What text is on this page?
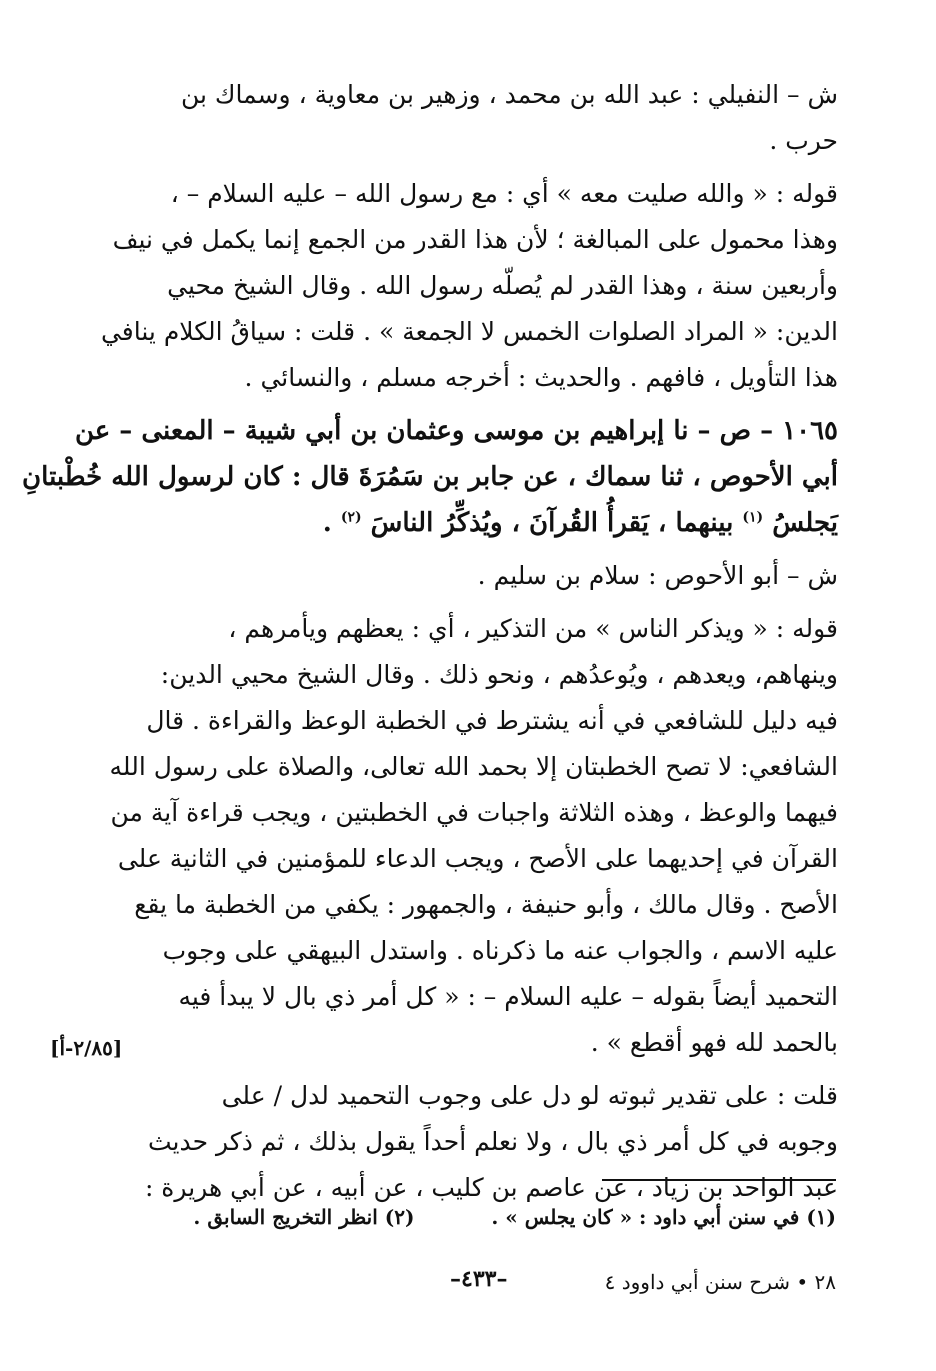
ش – النفيلي : عبد الله بن محمد ، وزهير بن معاوية ، وسماك بن
حرب .
قوله : « والله صليت معه » أي : مع رسول الله – عليه السلام – ،
وهذا محمول على المبالغة ؛ لأن هذا القدر من الجمع إنما يكمل في نيف
وأربعين سنة ، وهذا القدر لم يُصلّه رسول الله . وقال الشيخ محيي
الدين: « المراد الصلوات الخمس لا الجمعة » . قلت : سياقُ الكلام ينافي
هذا التأويل ، فافهم . والحديث : أخرجه مسلم ، والنسائي .
١٠٦٥ – ص – نا إبراهيم بن موسى وعثمان بن أبي شيبة – المعنى – عن
أبي الأحوص ، ثنا سماك ، عن جابر بن سَمُرَةَ قال : كان لرسول الله خُطْبتانِ
يَجلسُ $^{(١)}$ بينهما ، يَقرأُ القُرآنَ ، ويُذكِّرُ الناسَ $^{(٢)}$ .
ش – أبو الأحوص : سلام بن سليم .
قوله : « ويذكر الناس » من التذكير ، أي : يعظهم ويأمرهم ،
وينهاهم، ويعدهم ، ويُوعدُهم ، ونحو ذلك . وقال الشيخ محيي الدين:
فيه دليل للشافعي في أنه يشترط في الخطبة الوعظ والقراءة . قال
الشافعي: لا تصح الخطبتان إلا بحمد الله تعالى، والصلاة على رسول الله
فيهما والوعظ ، وهذه الثلاثة واجبات في الخطبتين ، ويجب قراءة آية من
القرآن في إحديهما على الأصح ، ويجب الدعاء للمؤمنين في الثانية على
الأصح . وقال مالك ، وأبو حنيفة ، والجمهور : يكفي من الخطبة ما يقع
عليه الاسم ، والجواب عنه ما ذكرناه . واستدل البيهقي على وجوب
التحميد أيضاً بقوله – عليه السلام – : « كل أمر ذي بال لا يبدأ فيه
بالحمد لله فهو أقطع » .
قلت : على تقدير ثبوته لو دل على وجوب التحميد لدل / على
وجوبه في كل أمر ذي بال ، ولا نعلم أحداً يقول بذلك ، ثم ذكر حديث
عبد الواحد بن زياد ، عن عاصم بن كليب ، عن أبيه ، عن أبي هريرة :
[٢/٨٥-أ]
(١) في سنن أبي داود : « كان يجلس » . (٢) انظر التخريج السابق .
٢٨ • شرح سنن أبي داوود ٤
–٤٣٣–
